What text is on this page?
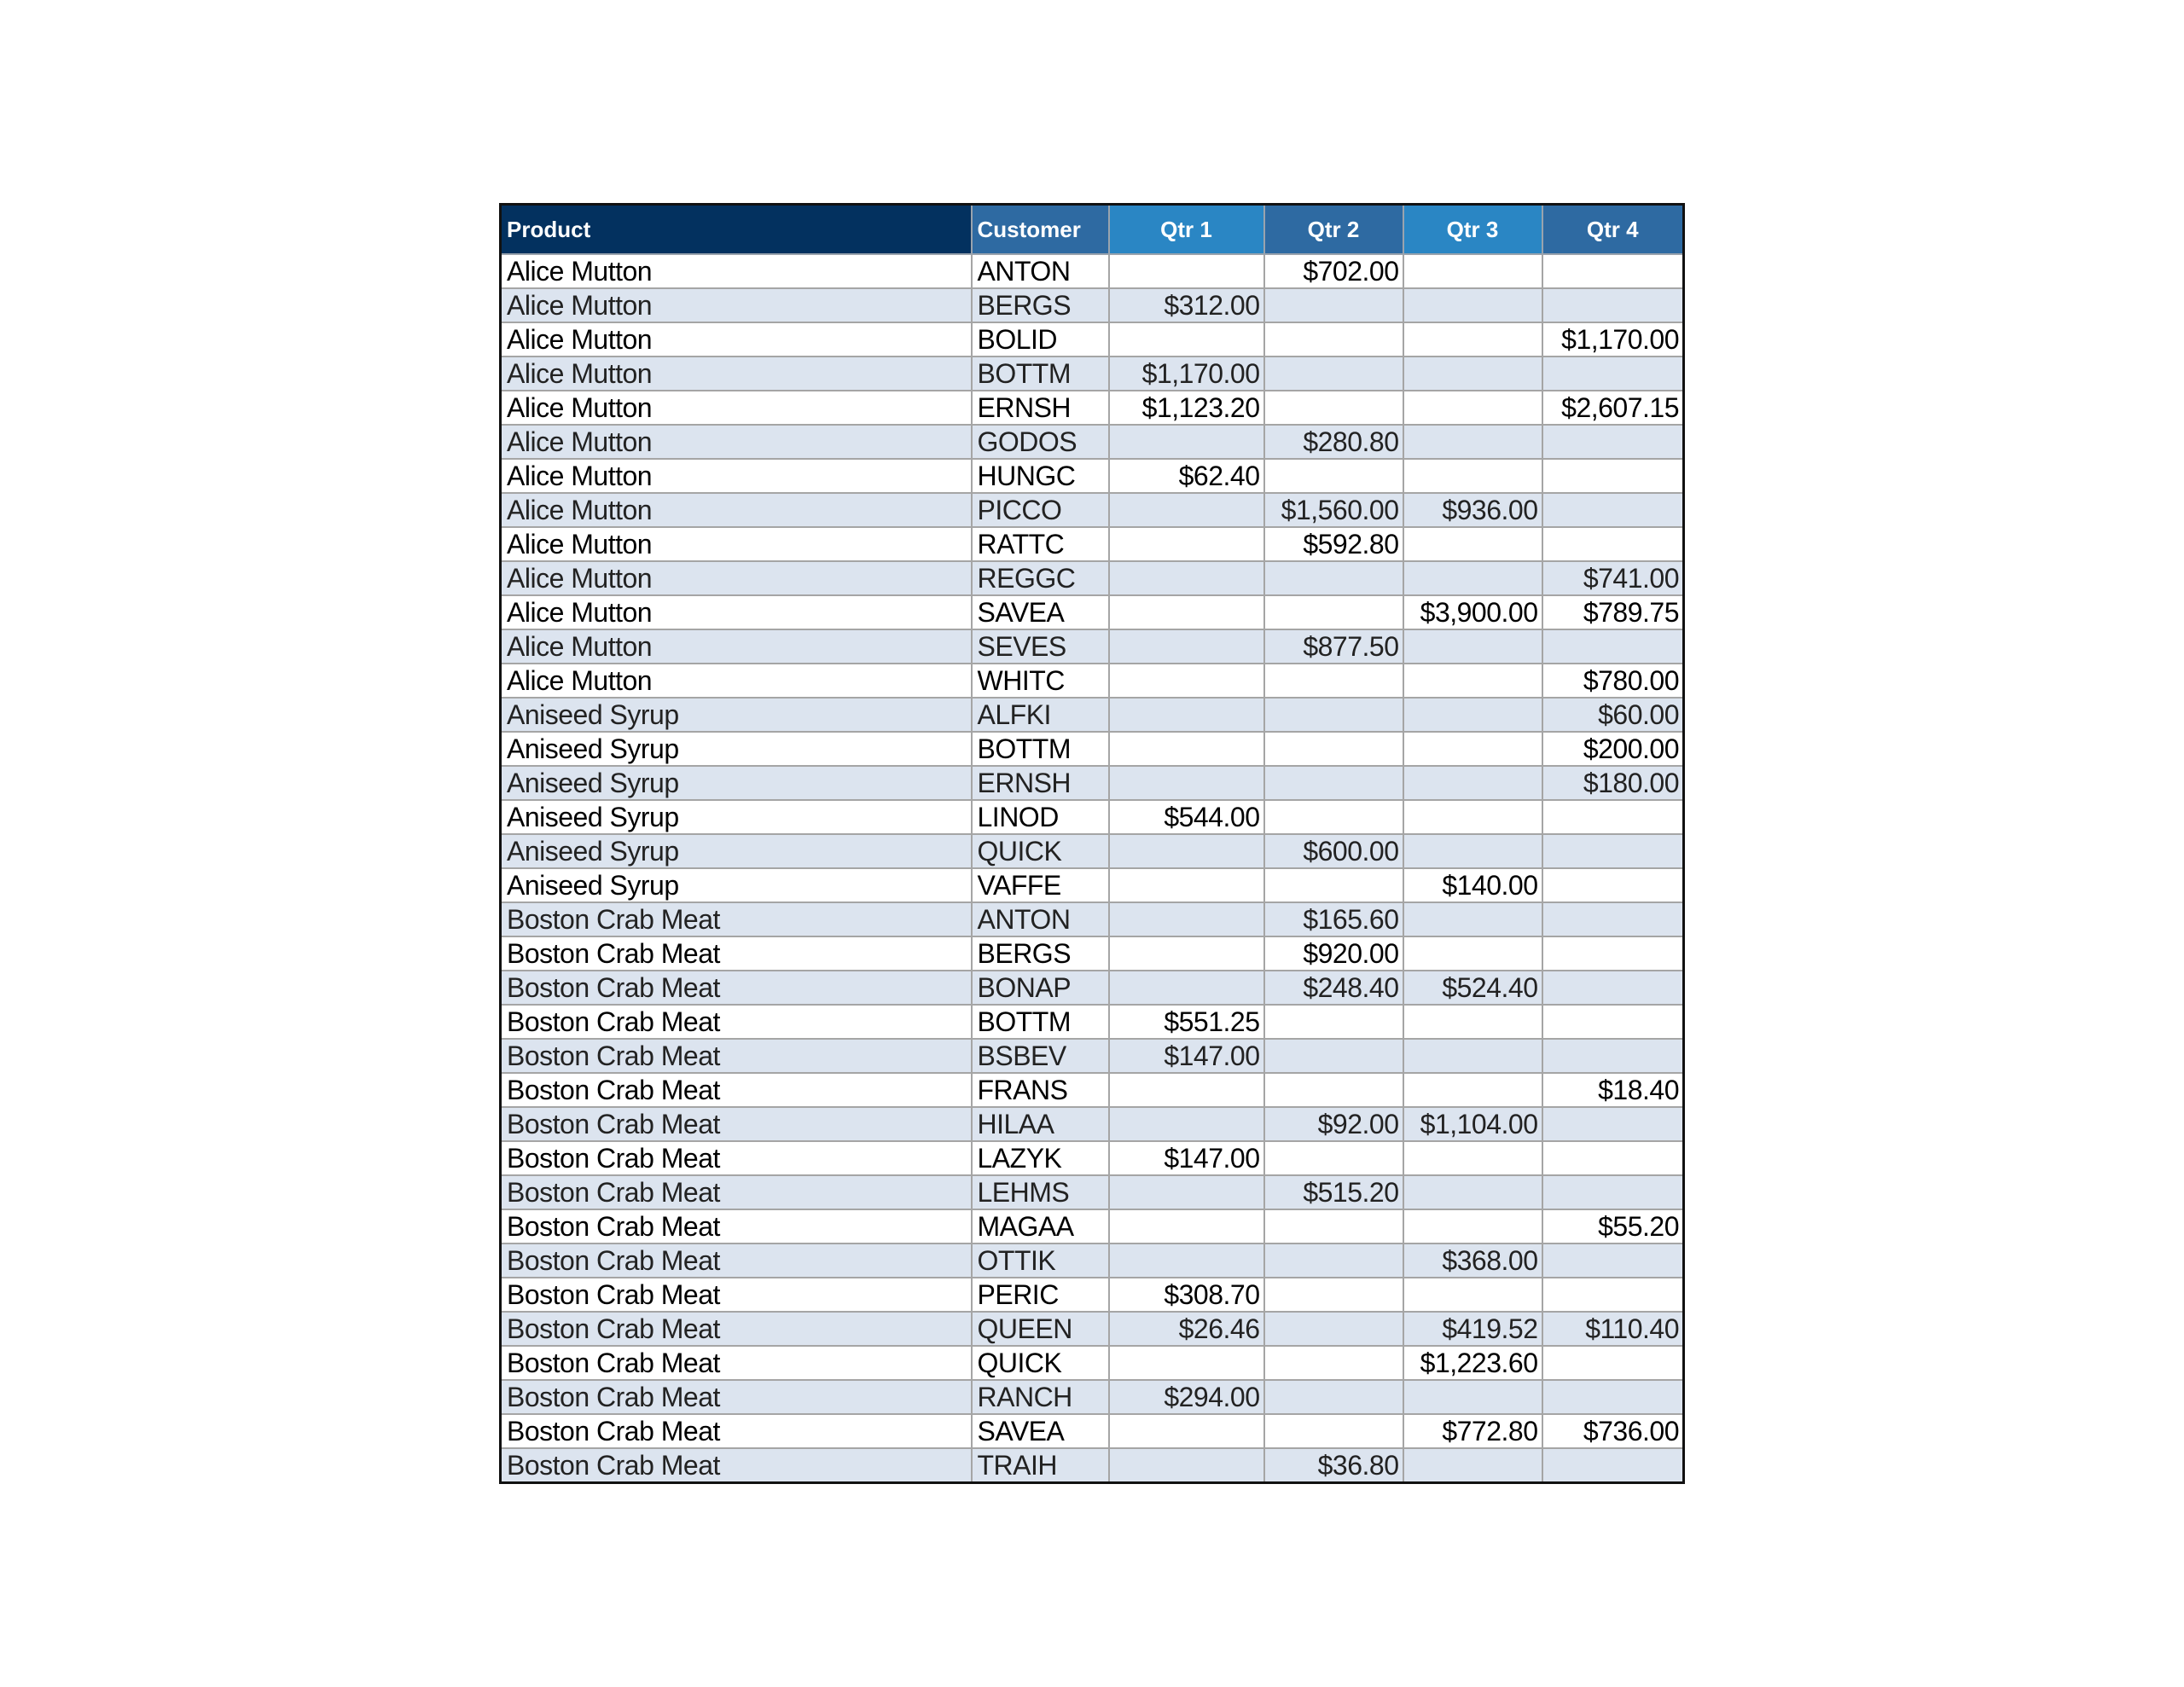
Product	Customer	Qtr 1	Qtr 2	Qtr 3	Qtr 4
Alice Mutton	ANTON		$702.00		
Alice Mutton	BERGS	$312.00			
Alice Mutton	BOLID				$1,170.00
Alice Mutton	BOTTM	$1,170.00			
Alice Mutton	ERNSH	$1,123.20			$2,607.15
Alice Mutton	GODOS		$280.80		
Alice Mutton	HUNGC	$62.40			
Alice Mutton	PICCO		$1,560.00	$936.00	
Alice Mutton	RATTC		$592.80		
Alice Mutton	REGGC				$741.00
Alice Mutton	SAVEA			$3,900.00	$789.75
Alice Mutton	SEVES		$877.50		
Alice Mutton	WHITC				$780.00
Aniseed Syrup	ALFKI				$60.00
Aniseed Syrup	BOTTM				$200.00
Aniseed Syrup	ERNSH				$180.00
Aniseed Syrup	LINOD	$544.00			
Aniseed Syrup	QUICK		$600.00		
Aniseed Syrup	VAFFE			$140.00	
Boston Crab Meat	ANTON		$165.60		
Boston Crab Meat	BERGS		$920.00		
Boston Crab Meat	BONAP		$248.40	$524.40	
Boston Crab Meat	BOTTM	$551.25			
Boston Crab Meat	BSBEV	$147.00			
Boston Crab Meat	FRANS				$18.40
Boston Crab Meat	HILAA		$92.00	$1,104.00	
Boston Crab Meat	LAZYK	$147.00			
Boston Crab Meat	LEHMS		$515.20		
Boston Crab Meat	MAGAA				$55.20
Boston Crab Meat	OTTIK			$368.00	
Boston Crab Meat	PERIC	$308.70			
Boston Crab Meat	QUEEN	$26.46		$419.52	$110.40
Boston Crab Meat	QUICK			$1,223.60	
Boston Crab Meat	RANCH	$294.00			
Boston Crab Meat	SAVEA			$772.80	$736.00
Boston Crab Meat	TRAIH		$36.80		
